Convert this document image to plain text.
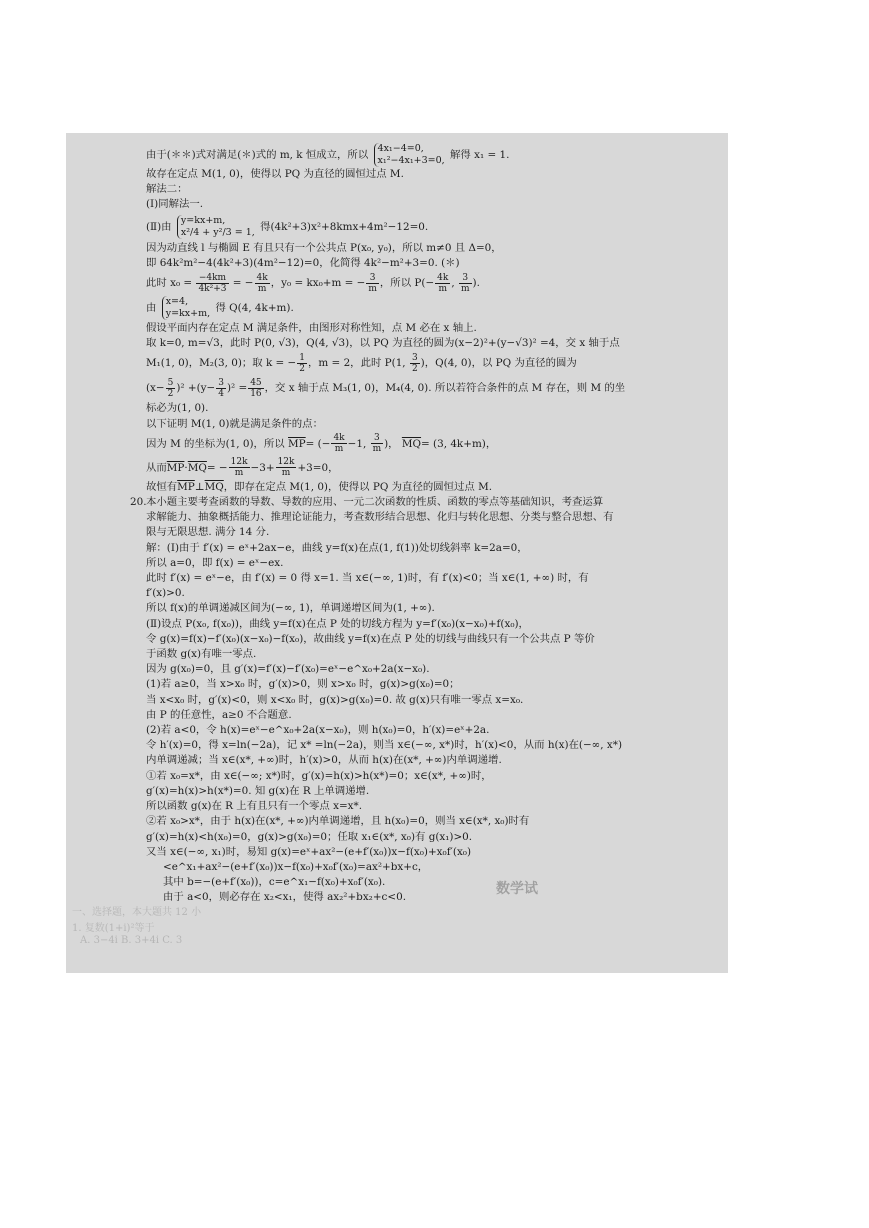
由于(＊＊)式对满足(＊)式的 m, k 恒成立，所以
4x₁−4=0,
x₁²−4x₁+3=0, 解得 x₁ = 1.
故存在定点 M(1, 0)，使得以 PQ 为直径的圆恒过点 M.
解法二：
(Ⅰ)同解法一.
(Ⅱ)由
y=kx+m,
x²/4 + y²/3 = 1, 得(4k²+3)x²+8kmx+4m²−12=0.
因为动直线 l 与椭圆 E 有且只有一个公共点 P(x₀, y₀)，所以 m≠0 且 Δ=0，
即 64k²m²−4(4k²+3)(4m²−12)=0，化简得 4k²−m²+3=0. (＊)
此时 $x_0 = \frac{-4km}{\text{4k²+3}}$ = − $\frac{4k}{m}$ ，y₀ = kx₀+m = − $\frac{3}{m}$ ，所以 $P(- \frac{4k}{m}$ , $\frac{3}{m}$ ).
由
x=4,
y=kx+m, 得 Q(4, 4k+m).
假设平面内存在定点 M 满足条件，由图形对称性知，点 M 必在 x 轴上.
取 k=0, m=√3，此时 P(0, √3)，Q(4, √3)，以 PQ 为直径的圆为(x−2)²+(y−√3)² =4，交 x 轴于点
M₁(1, 0)，M₂(3, 0)；取 k = − $\frac{1}{2}$ ，m = 2，此时 P(1, $\frac{3}{2}$ )，Q(4, 0)，以 PQ 为直径的圆为
$(x- \frac{5}{2} )^2 +(y- \frac{3}{4} )^2 = \frac{45}{16}$ ，交 x 轴于点 M₃(1, 0)，M₄(4, 0). 所以若符合条件的点 M 存在，则 M 的坐
标必为(1, 0).
以下证明 M(1, 0)就是满足条件的点：
因为 M 的坐标为(1, 0)，所以 $\overline{MP}=$ (− $\frac{4k}{m} -1$, $\frac{3}{m}$ )， $\overline{MQ}= (3$, 4k+m)，
从而$\overline{MP}\cdot\overline{MQ}= - \frac{12k}{m} -3+ \frac{12k}{m} +3=0$，
故恒有$\overline{MP}\perp\overline{MQ}$，即存在定点 M(1, 0)，使得以 PQ 为直径的圆恒过点 M.
20.本小题主要考查函数的导数、导数的应用、一元二次函数的性质、函数的零点等基础知识，考查运算
求解能力、抽象概括能力、推理论证能力，考查数形结合思想、化归与转化思想、分类与整合思想、有
限与无限思想. 满分 14 分.
解：(Ⅰ)由于 f′(x) = eˣ+2ax−e，曲线 y=f(x)在点(1, f(1))处切线斜率 k=2a=0，
所以 a=0，即 f(x) = eˣ−ex.
此时 f′(x) = eˣ−e，由 f′(x) = 0 得 x=1. 当 x∈(−∞, 1)时，有 f′(x)<0；当 x∈(1, +∞) 时，有
f′(x)>0.
所以 f(x)的单调递减区间为(−∞, 1)，单调递增区间为(1, +∞).
(Ⅱ)设点 P(x₀, f(x₀))，曲线 y=f(x)在点 P 处的切线方程为 y=f′(x₀)(x−x₀)+f(x₀)，
令 g(x)=f(x)−f′(x₀)(x−x₀)−f(x₀)，故曲线 y=f(x)在点 P 处的切线与曲线只有一个公共点 P 等价
于函数 g(x)有唯一零点.
因为 g(x₀)=0，且 g′(x)=f′(x)−f′(x₀)=eˣ−e^x₀+2a(x−x₀).
(1)若 a≥0，当 x>x₀ 时，g′(x)>0，则 x>x₀ 时，g(x)>g(x₀)=0；
当 x<x₀ 时，g′(x)<0，则 x<x₀ 时，g(x)>g(x₀)=0. 故 g(x)只有唯一零点 x=x₀.
由 P 的任意性，a≥0 不合题意.
(2)若 a<0，令 h(x)=eˣ−e^x₀+2a(x−x₀)，则 h(x₀)=0，h′(x)=eˣ+2a.
令 h′(x)=0，得 x=ln(−2a)，记 x* =ln(−2a)，则当 x∈(−∞, x*)时，h′(x)<0，从而 h(x)在(−∞, x*)
内单调递减；当 x∈(x*, +∞)时，h′(x)>0，从而 h(x)在(x*, +∞)内单调递增.
①若 x₀=x*，由 x∈(−∞; x*)时，g′(x)=h(x)>h(x*)=0；x∈(x*, +∞)时，
g′(x)=h(x)>h(x*)=0. 知 g(x)在 R 上单调递增.
所以函数 g(x)在 R 上有且只有一个零点 x=x*.
②若 x₀>x*，由于 h(x)在(x*, +∞)内单调递增，且 h(x₀)=0，则当 x∈(x*, x₀)时有
g′(x)=h(x)<h(x₀)=0，g(x)>g(x₀)=0；任取 x₁∈(x*, x₀)有 g(x₁)>0.
又当 x∈(−∞, x₁)时，易知 g(x)=eˣ+ax²−(e+f′(x₀))x−f(x₀)+x₀f′(x₀)
<e^x₁+ax²−(e+f′(x₀))x−f(x₀)+x₀f′(x₀)=ax²+bx+c，
其中 b=−(e+f′(x₀))，c=e^x₁−f(x₀)+x₀f′(x₀).
由于 a<0，则必存在 x₂<x₁，使得 ax₂²+bx₂+c<0.
数学试
一、选择题，本大题共 12 小
1. 复数(1+i)²等于
A. 3−4i B. 3+4i C. 3
